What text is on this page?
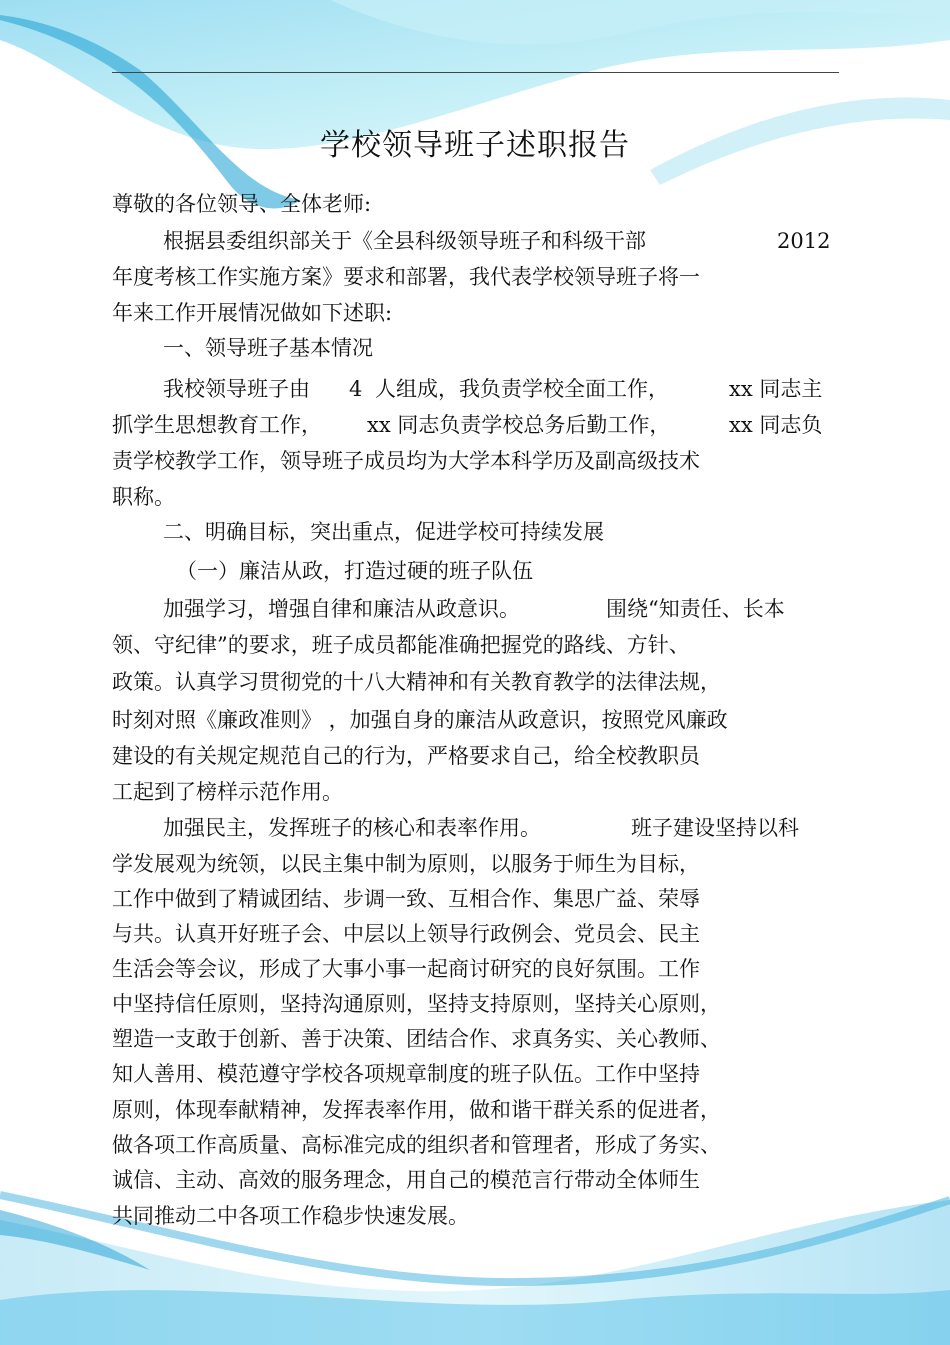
学校领导班子述职报告
尊敬的各位领导、全体老师:
根据县委组织部关于《全县科级领导班子和科级干部	2012
年度考核工作实施方案》要求和部署，我代表学校领导班子将一
年来工作开展情况做如下述职:
一、领导班子基本情况
我校领导班子由 4 人组成，我负责学校全面工作，	xx 同志主
抓学生思想教育工作， xx 同志负责学校总务后勤工作，	xx 同志负
责学校教学工作，领导班子成员均为大学本科学历及副高级技术
职称。
二、明确目标，突出重点，促进学校可持续发展
（一）廉洁从政，打造过硬的班子队伍
加强学习，增强自律和廉洁从政意识。	围绕“知责任、长本
领、守纪律”的要求，班子成员都能准确把握党的路线、方针、
政策。认真学习贯彻党的十八大精神和有关教育教学的法律法规，
时刻对照《廉政准则》 ，加强自身的廉洁从政意识，按照党风廉政
建设的有关规定规范自己的行为，严格要求自己，给全校教职员
工起到了榜样示范作用。
加强民主，发挥班子的核心和表率作用。	班子建设坚持以科
学发展观为统领，以民主集中制为原则，以服务于师生为目标，
工作中做到了精诚团结、步调一致、互相合作、集思广益、荣辱
与共。认真开好班子会、中层以上领导行政例会、党员会、民主
生活会等会议，形成了大事小事一起商讨研究的良好氛围。工作
中坚持信任原则，坚持沟通原则，坚持支持原则，坚持关心原则，
塑造一支敢于创新、善于决策、团结合作、求真务实、关心教师、
知人善用、模范遵守学校各项规章制度的班子队伍。工作中坚持
原则，体现奉献精神，发挥表率作用，做和谐干群关系的促进者，
做各项工作高质量、高标准完成的组织者和管理者，形成了务实、
诚信、主动、高效的服务理念，用自己的模范言行带动全体师生
共同推动二中各项工作稳步快速发展。
